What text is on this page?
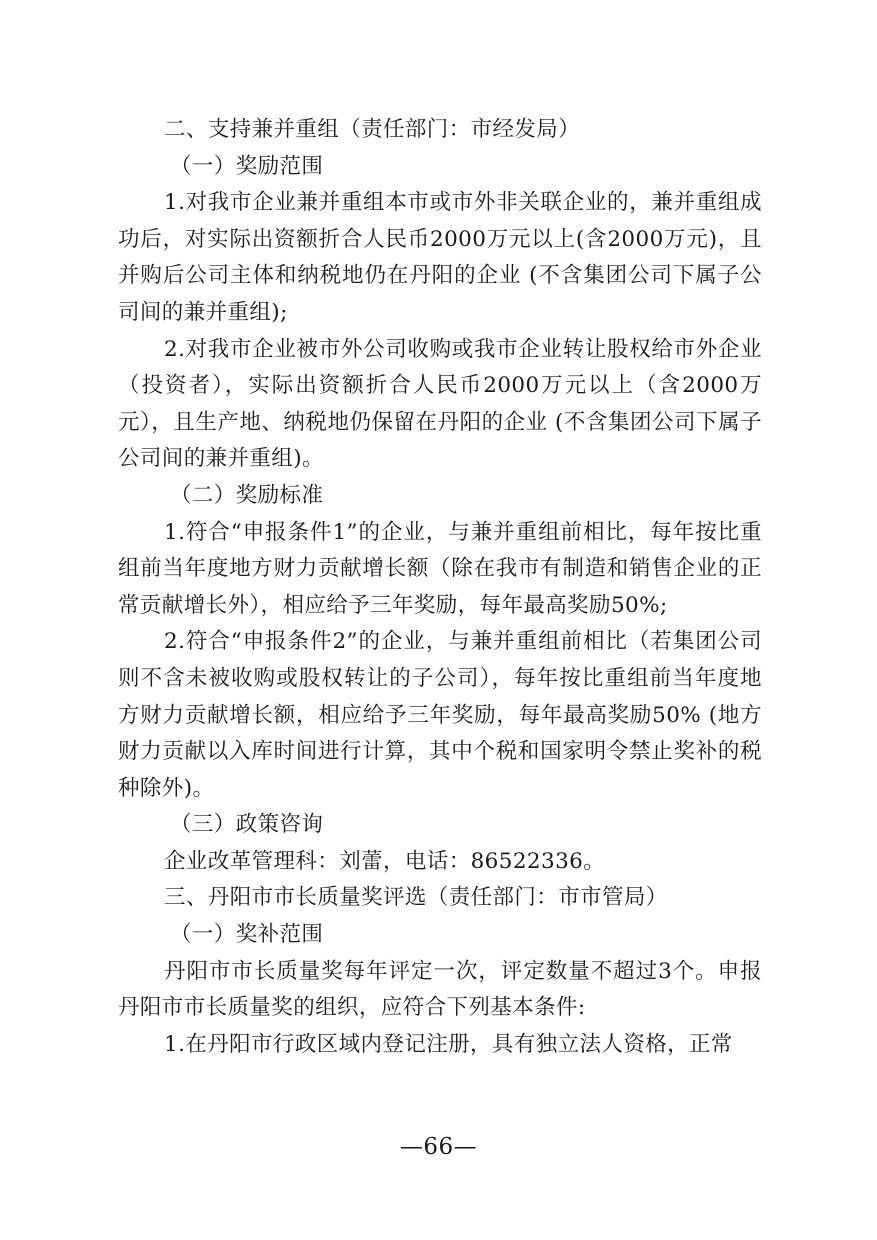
二、支持兼并重组（责任部门：市经发局）

（一）奖励范围

1.对我市企业兼并重组本市或市外非关联企业的，兼并重组成功后，对实际出资额折合人民币2000万元以上(含2000万元)，且并购后公司主体和纳税地仍在丹阳的企业 (不含集团公司下属子公司间的兼并重组);

2.对我市企业被市外公司收购或我市企业转让股权给市外企业（投资者），实际出资额折合人民币2000万元以上（含2000万元），且生产地、纳税地仍保留在丹阳的企业 (不含集团公司下属子公司间的兼并重组)。

（二）奖励标准

1.符合“申报条件1”的企业，与兼并重组前相比，每年按比重组前当年度地方财力贡献增长额（除在我市有制造和销售企业的正常贡献增长外），相应给予三年奖励，每年最高奖励50%;

2.符合“申报条件2”的企业，与兼并重组前相比（若集团公司则不含未被收购或股权转让的子公司），每年按比重组前当年度地方财力贡献增长额，相应给予三年奖励，每年最高奖励50% (地方财力贡献以入库时间进行计算，其中个税和国家明令禁止奖补的税种除外)。

（三）政策咨询

企业改革管理科：刘蕾，电话：86522336。

三、丹阳市市长质量奖评选（责任部门：市市管局）

（一）奖补范围

丹阳市市长质量奖每年评定一次，评定数量不超过3个。申报丹阳市市长质量奖的组织，应符合下列基本条件:

1.在丹阳市行政区域内登记注册，具有独立法人资格，正常

—66—
